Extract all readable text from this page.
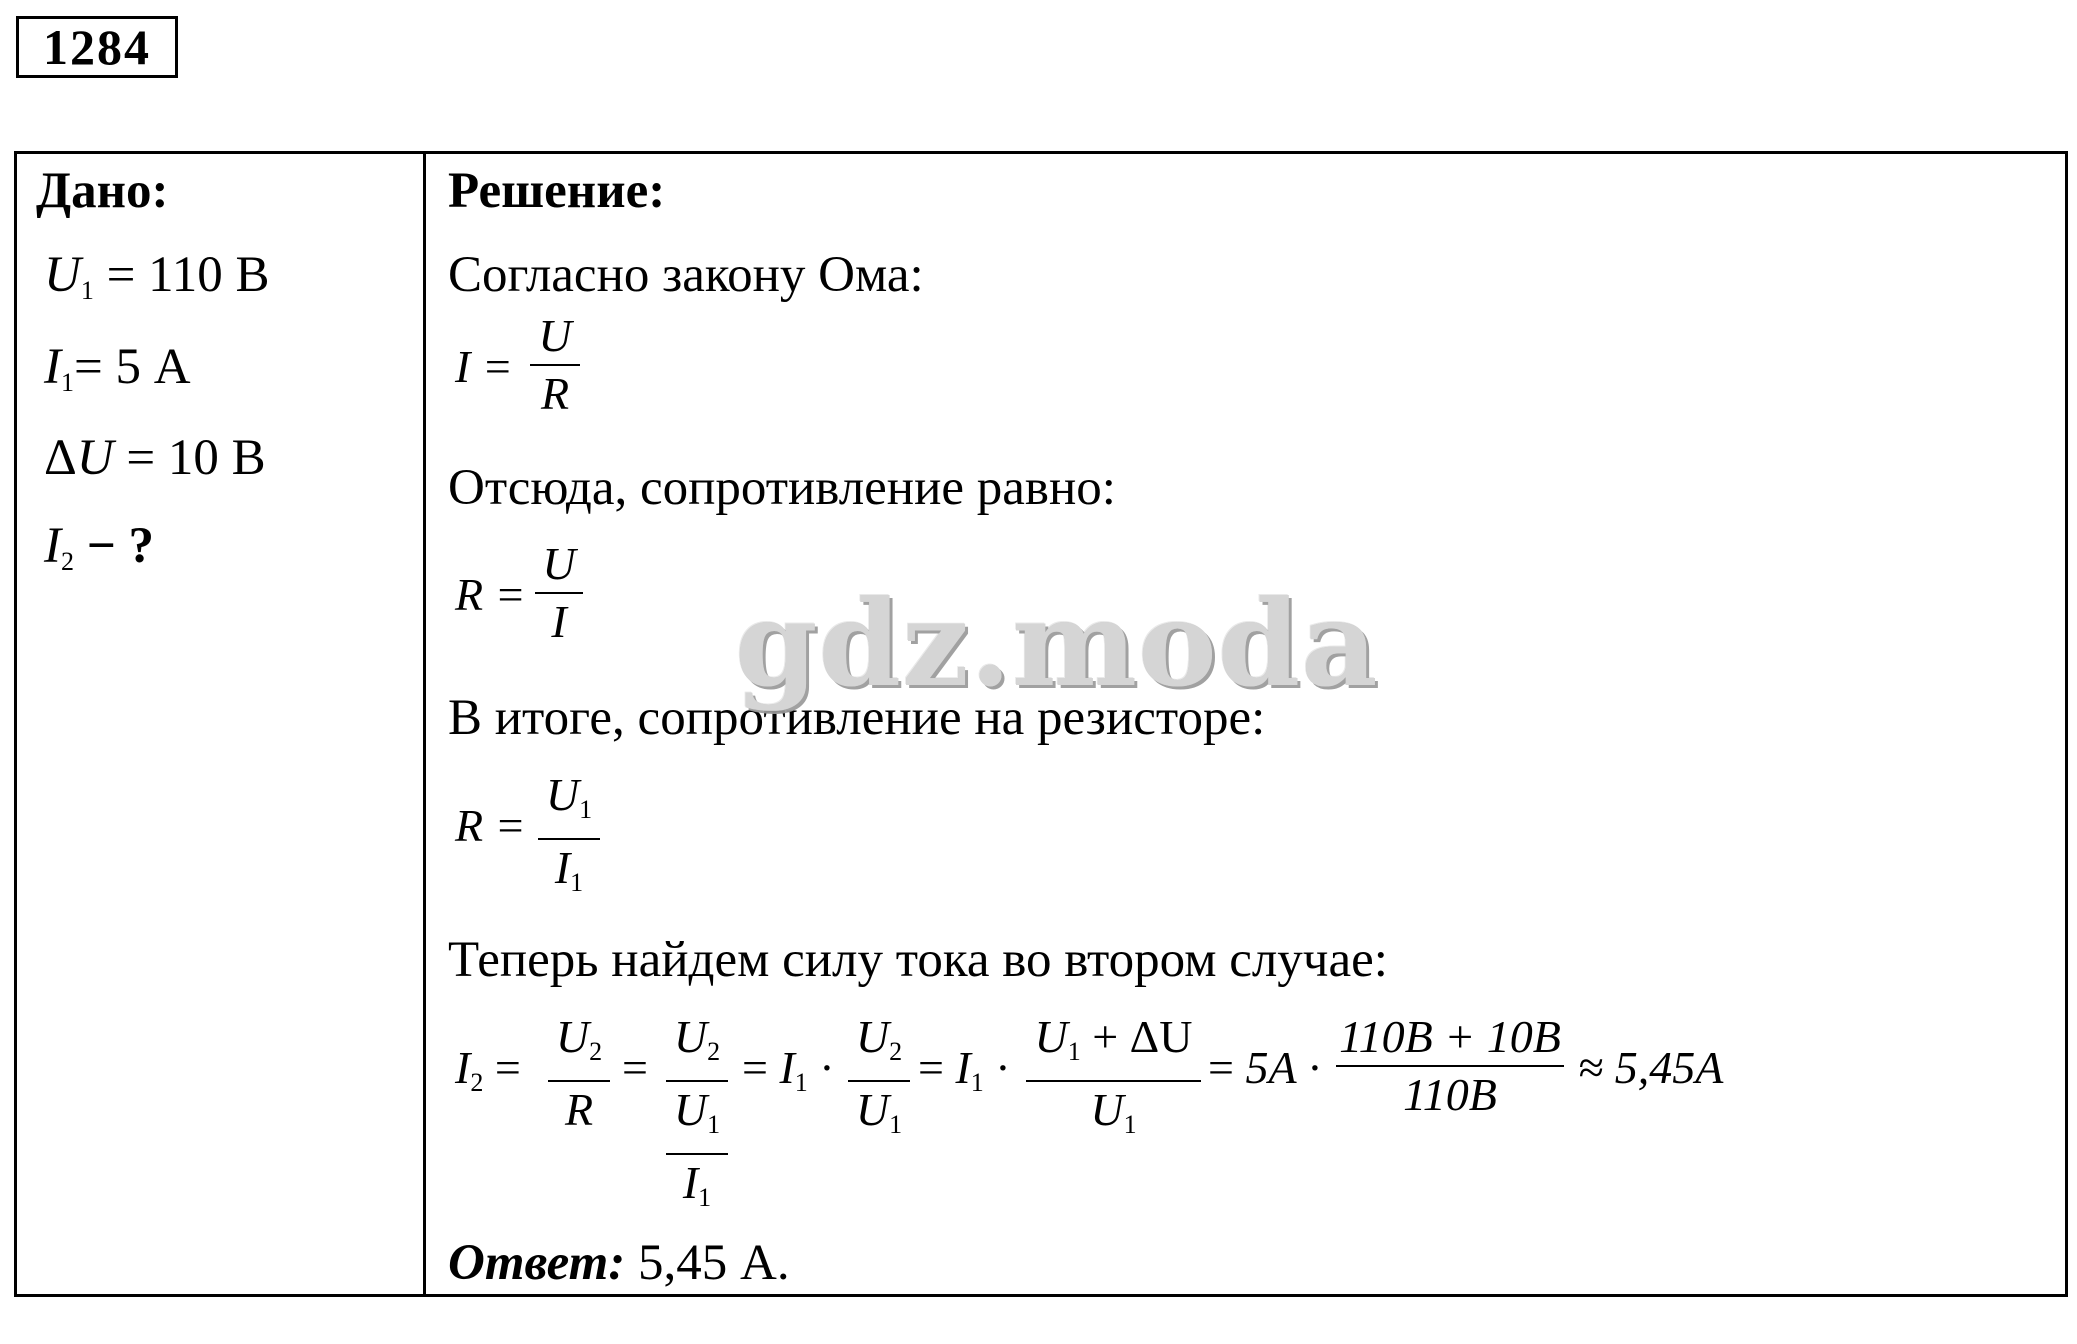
1284
Дано:
$U_1 = 110$ В
$I_1= 5$ А
ΔU = 10 В
$I_2$ − ?
Решение:
Согласно закону Ома:
I =
U
R
Отсюда, сопротивление равно:
R =
U
I
В итоге, сопротивление на резисторе:
R =
$U_1$
$I_1$
Теперь найдем силу тока во втором случае:
$I_2$ =
$U_2$
R
=
$U_2$
$U_1$
$I_1$
= $I_1$ ·
$U_2$
$U_1$
= $I_1$ ·
$U_1 + \Delta U$
$U_1$
= 5A ·
110B + 10B
110B
≈ 5,45A
Ответ: 5,45 А.
gdz.moda
